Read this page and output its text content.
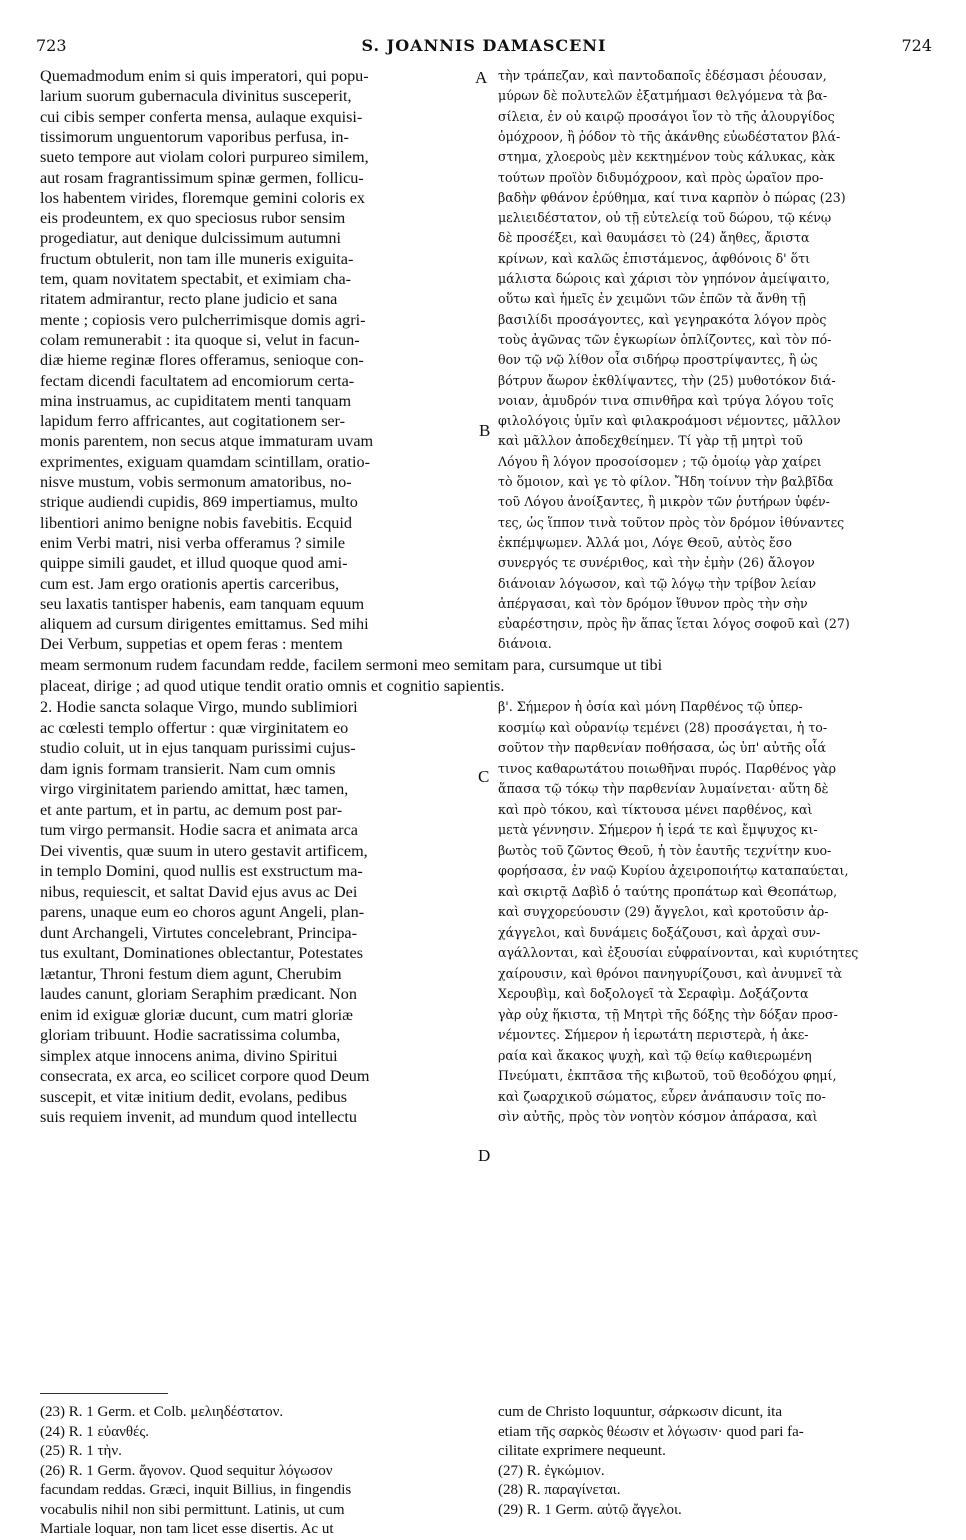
723	S. JOANNIS DAMASCENI	724
Quemadmodum enim si quis imperatori, qui popu-
larium suorum gubernacula divinitus susceperit,
cui cibis semper conferta mensa, aulaque exquisi-
tissimorum unguentorum vaporibus perfusa, in-
sueto tempore aut violam colori purpureo similem,
aut rosam fragrantissimum spinæ germen, follicu-
los habentem virides, floremque gemini coloris ex
eis prodeuntem, ex quo speciosus rubor sensim
progediatur, aut denique dulcissimum autumni
fructum obtulerit, non tam ille muneris exiguita-
tem, quam novitatem spectabit, et eximiam cha-
ritatem admirantur, recto plane judicio et sana
mente ; copiosis vero pulcherrimisque domis agri-
colam remunerabit : ita quoque si, velut in facun-
diæ hieme reginæ flores offeramus, senioque con-
fectam dicendi facultatem ad encomiorum certa-
mina instruamus, ac cupiditatem menti tanquam
lapidum ferro affricantes, aut cogitationem ser-
monis parentem, non secus atque immaturam uvam
exprimentes, exiguam quamdam scintillam, oratio-
nisve mustum, vobis sermonum amatoribus, no-
strique audiendi cupidis, 869 impertiamus, multo
libentiori animo benigne nobis favebitis. Ecquid
enim Verbi matri, nisi verba offeramus ? simile
quippe simili gaudet, et illud quoque quod ami-
cum est. Jam ergo orationis apertis carceribus,
seu laxatis tantisper habenis, eam tanquam equum
aliquem ad cursum dirigentes emittamus. Sed mihi
Dei Verbum, suppetias et opem feras : mentem
τὴν τράπεζαν, καὶ παντοδαποῖς ἐδέσμασι ῥέουσαν,
μύρων δὲ πολυτελῶν ἐξατμήμασι θελγόμενα τὰ βα-
σίλεια, ἐν οὐ καιρῷ προσάγοι ἴον τὸ τῆς ἁλουργίδος
ὁμόχροον, ἢ ῥόδον τὸ τῆς ἀκάνθης εὐωδέστατον βλά-
στημα, χλοεροὺς μὲν κεκτημένον τοὺς κάλυκας, κὰκ
τούτων προϊὸν διδυμόχροον, καὶ πρὸς ὡραῖον προ-
βαδὴν φθάνον ἐρύθημα, καί τινα καρπὸν ὀ πώρας (23)
μελιειδέστατον, οὐ τῇ εὐτελείᾳ τοῦ δώρου, τῷ κένῳ
δὲ προσέξει, καὶ θαυμάσει τὸ (24) ἄηθες, ἄριστα
κρίνων, καὶ καλῶς ἐπιστάμενος, ἀφθόνοις δ' ὅτι
μάλιστα δώροις καὶ χάρισι τὸν γηπόνον ἀμείψαιτο,
οὕτω καὶ ἡμεῖς ἐν χειμῶνι τῶν ἐπῶν τὰ ἄνθη τῇ
βασιλίδι προσάγοντες, καὶ γεγηρακότα λόγον πρὸς
τοὺς ἀγῶνας τῶν ἐγκωρίων ὁπλίζοντες, καὶ τὸν πό-
θον τῷ νῷ λίθον οἷα σιδήρῳ προστρίψαντες, ἢ ὡς
βότρυν ἄωρον ἐκθλίψαντες, τὴν (25) μυθοτόκον διά-
νοιαν, ἀμυδρόν τινα σπινθῆρα καὶ τρύγα λόγου τοῖς
φιλολόγοις ὑμῖν καὶ φιλακροάμοσι νέμοντες, μᾶλλον
καὶ μᾶλλον ἀποδεχθείημεν. Τί γὰρ τῇ μητρὶ τοῦ
Λόγου ἢ λόγον προσοίσομεν ; τῷ ὁμοίῳ γὰρ χαίρει
τὸ ὅμοιον, καὶ γε τὸ φίλον. Ἤδη τοίνυν τὴν βαλβῖδα
τοῦ Λόγου ἀνοίξαντες, ἢ μικρὸν τῶν ῥυτήρων ὑφέν-
τες, ὡς ἵππον τινὰ τοῦτον πρὸς τὸν δρόμον ἰθύναντες
ἐκπέμψωμεν. Ἀλλά μοι, Λόγε Θεοῦ, αὐτὸς ἔσο
συνεργός τε συνέριθος, καὶ τὴν ἐμὴν (26) ἄλογον
διάνοιαν λόγωσον, καὶ τῷ λόγῳ τὴν τρίβον λείαν
ἀπέργασαι, καὶ τὸν δρόμον ἴθυνον πρὸς τὴν σὴν
εὐαρέστησιν, πρὸς ἣν ἅπας ἵεται λόγος σοφοῦ καὶ (27)
διάνοια.
meam sermonum rudem facundam redde, facilem sermoni meo semitam para, cursumque ut tibi
placeat, dirige ; ad quod utique tendit oratio omnis et cognitio sapientis.
2. Hodie sancta solaque Virgo, mundo sublimiori
ac cœlesti templo offertur : quæ virginitatem eo
studio coluit, ut in ejus tanquam purissimi cujus-
dam ignis formam transierit. Nam cum omnis
virgo virginitatem pariendo amittat, hæc tamen,
et ante partum, et in partu, ac demum post par-
tum virgo permansit. Hodie sacra et animata arca
Dei viventis, quæ suum in utero gestavit artificem,
in templo Domini, quod nullis est exstructum ma-
nibus, requiescit, et saltat David ejus avus ac Dei
parens, unaque eum eo choros agunt Angeli, plan-
dunt Archangeli, Virtutes concelebrant, Principa-
tus exultant, Dominationes oblectantur, Potestates
lætantur, Throni festum diem agunt, Cherubim
laudes canunt, gloriam Seraphim prædicant. Non
enim id exiguæ gloriæ ducunt, cum matri gloriæ
gloriam tribuunt. Hodie sacratissima columba,
simplex atque innocens anima, divino Spiritui
consecrata, ex arca, eo scilicet corpore quod Deum
suscepit, et vitæ initium dedit, evolans, pedibus
suis requiem invenit, ad mundum quod intellectu
β'. Σήμερον ἡ ὁσία καὶ μόνη Παρθένος τῷ ὑπερ-
κοσμίῳ καὶ οὐρανίῳ τεμένει (28) προσάγεται, ἡ το-
σοῦτον τὴν παρθενίαν ποθήσασα, ὡς ὑπ' αὐτῆς οἷά
τινος καθαρωτάτου ποιωθῆναι πυρός. Παρθένος γὰρ
ἅπασα τῷ τόκῳ τὴν παρθενίαν λυμαίνεται· αὕτη δὲ
καὶ πρὸ τόκου, καὶ τίκτουσα μένει παρθένος, καὶ
μετὰ γέννησιν. Σήμερον ἡ ἱερά τε καὶ ἔμψυχος κι-
βωτὸς τοῦ ζῶντος Θεοῦ, ἡ τὸν ἑαυτῆς τεχνίτην κυο-
φορήσασα, ἐν ναῷ Κυρίου ἀχειροποιήτῳ καταπαύεται,
καὶ σκιρτᾷ Δαβὶδ ὁ ταύτης προπάτωρ καὶ Θεοπάτωρ,
καὶ συγχορεύουσιν (29) ἄγγελοι, καὶ κροτοῦσιν ἀρ-
χάγγελοι, καὶ δυνάμεις δοξάζουσι, καὶ ἀρχαὶ συν-
αγάλλονται, καὶ ἐξουσίαι εὐφραίνονται, καὶ κυριότητες
χαίρουσιν, καὶ θρόνοι πανηγυρίζουσι, καὶ ἀνυμνεῖ τὰ
Χερουβὶμ, καὶ δοξολογεῖ τὰ Σεραφὶμ. Δοξάζοντα
γὰρ οὐχ ἥκιστα, τῇ Μητρὶ τῆς δόξης τὴν δόξαν προσ-
νέμοντες. Σήμερον ἡ ἱερωτάτη περιστερὰ, ἡ ἀκε-
ραία καὶ ἄκακος ψυχὴ, καὶ τῷ θείῳ καθιερωμένη
Πνεύματι, ἐκπτᾶσα τῆς κιβωτοῦ, τοῦ θεοδόχου φημί,
καὶ ζωαρχικοῦ σώματος, εὗρεν ἀνάπαυσιν τοῖς πο-
σὶν αὐτῆς, πρὸς τὸν νοητὸν κόσμον ἀπάρασα, καὶ
A
B
C
D
(23) R. 1 Germ. et Colb. μελιηδέστατον.
(24) R. 1 εὐανθές.
(25) R. 1 τὴν.
(26) R. 1 Germ. ἄγονον. Quod sequitur λόγωσον
facundam reddas. Græci, inquit Billius, in fingendis
vocabulis nihil non sibi permittunt. Latinis, ut cum
Martiale loquar, non tam licet esse disertis. Ac ut
cum de Christo loquuntur, σάρκωσιν dicunt, ita
etiam τῆς σαρκὸς θέωσιν et λόγωσιν· quod pari fa-
cilitate exprimere nequeunt.
(27) R. ἐγκώμιον.
(28) R. παραγίνεται.
(29) R. 1 Germ. αὐτῷ ἄγγελοι.
